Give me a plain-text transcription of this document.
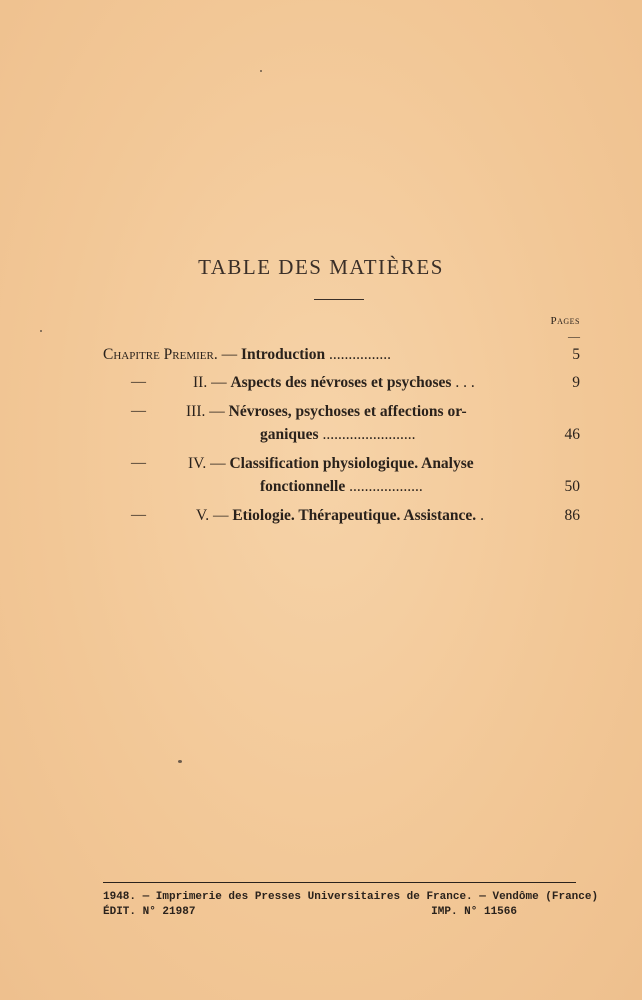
TABLE DES MATIÈRES
Pages
—
Chapitre Premier. — Introduction ................	5
—	II. — Aspects des névroses et psychoses . . .	9
—	III. — Névroses, psychoses et affections or-
ganiques ........................	46
—	IV. — Classification physiologique. Analyse
fonctionnelle ...................	50
—	V. — Etiologie. Thérapeutique. Assistance. .	86
1948. — Imprimerie des Presses Universitaires de France. — Vendôme (France)
ÉDIT. N° 21987	IMP. N° 11566
